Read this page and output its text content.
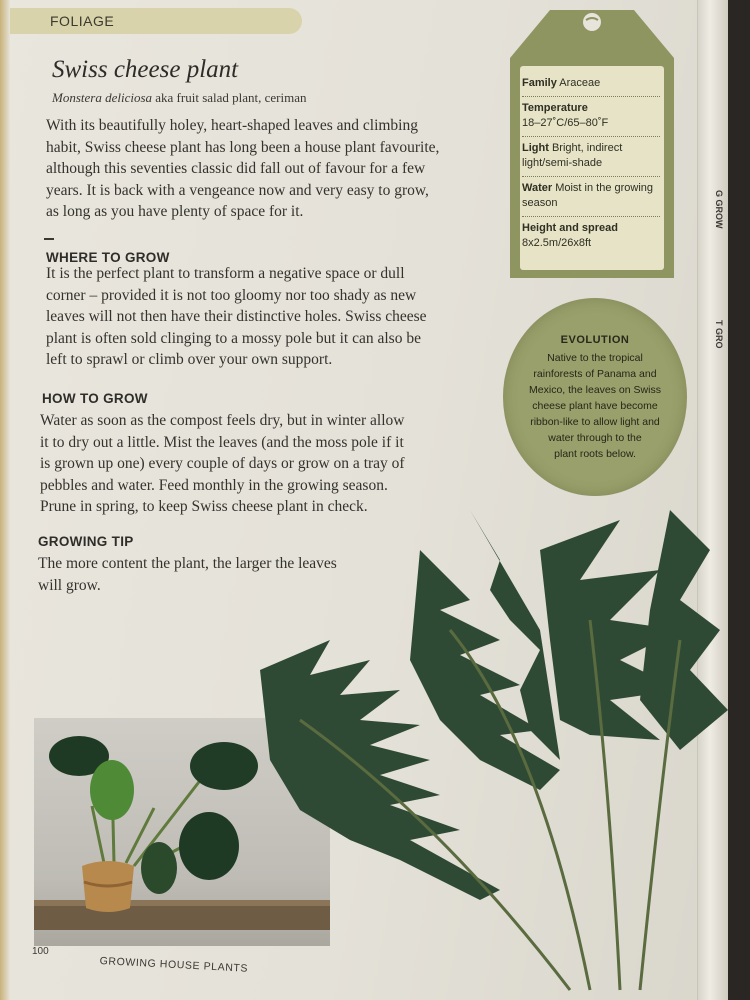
G GROW
T GRO
FOLIAGE
Swiss cheese plant
Monstera deliciosa aka fruit salad plant, ceriman
With its beautifully holey, heart-shaped leaves and climbing
habit, Swiss cheese plant has long been a house plant favourite,
although this seventies classic did fall out of favour for a few
years. It is back with a vengeance now and very easy to grow,
as long as you have plenty of space for it.
WHERE TO GROW
It is the perfect plant to transform a negative space or dull
corner – provided it is not too gloomy nor too shady as new
leaves will not then have their distinctive holes. Swiss cheese
plant is often sold clinging to a mossy pole but it can also be
left to sprawl or climb over your own support.
HOW TO GROW
Water as soon as the compost feels dry, but in winter allow
it to dry out a little. Mist the leaves (and the moss pole if it
is grown up one) every couple of days or grow on a tray of
pebbles and water. Feed monthly in the growing season.
Prune in spring, to keep Swiss cheese plant in check.
GROWING TIP
The more content the plant, the larger the leaves
will grow.
Family Araceae
Temperature
18–27˚C/65–80˚F
Light Bright, indirect light/semi-shade
Water Moist in the growing season
Height and spread
8x2.5m/26x8ft
EVOLUTION
Native to the tropical
rainforests of Panama and
Mexico, the leaves on Swiss
cheese plant have become
ribbon-like to allow light and
water through to the
plant roots below.
100
GROWING HOUSE PLANTS
